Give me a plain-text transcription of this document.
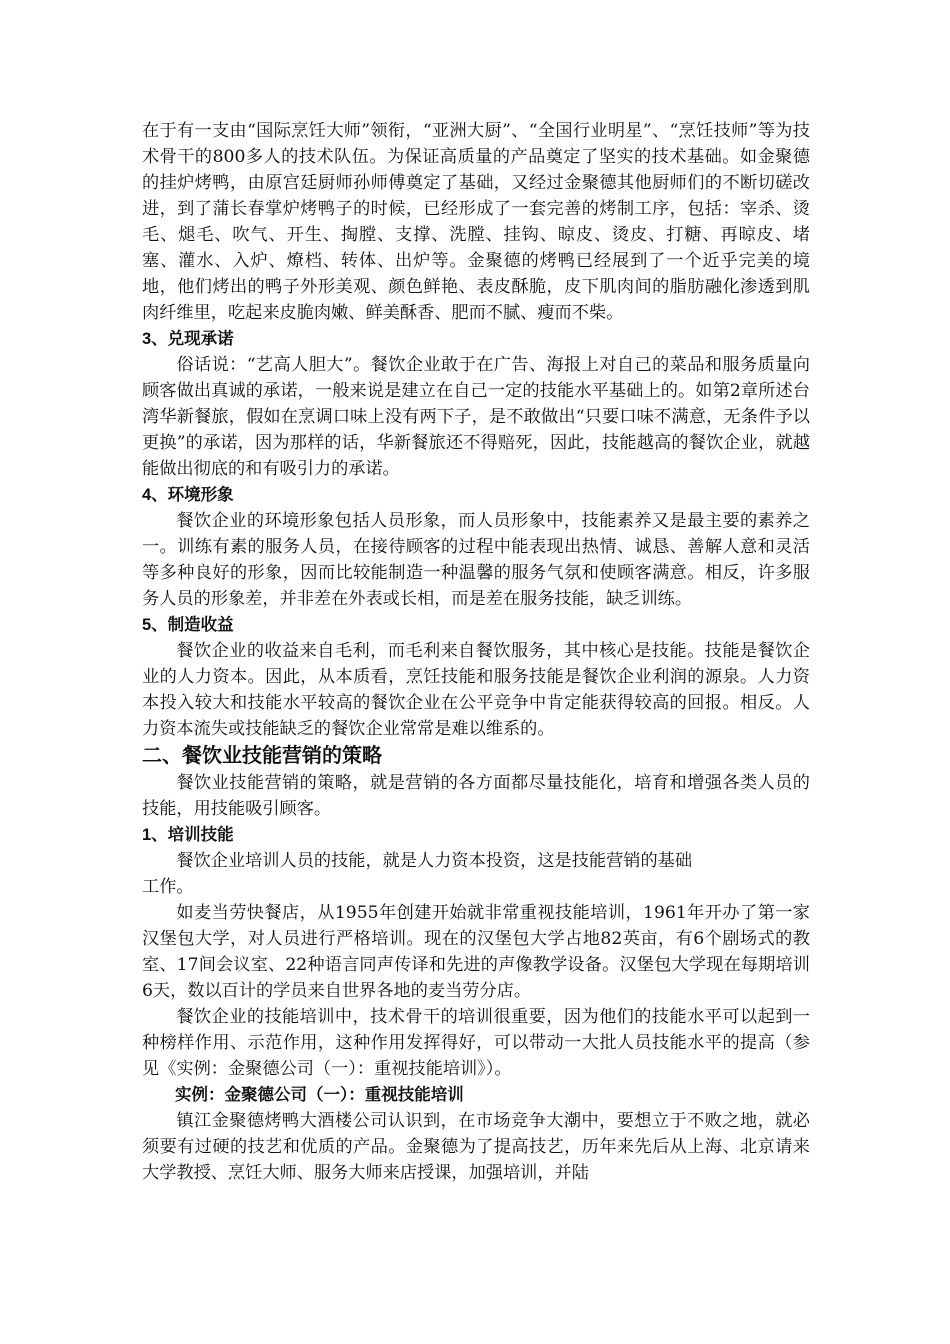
在于有一支由“国际烹饪大师”领衔，“亚洲大厨”、“全国行业明星”、“烹饪技师”等为技术骨干的800多人的技术队伍。为保证高质量的产品奠定了坚实的技术基础。如金聚德的挂炉烤鸭，由原宫廷厨师孙师傅奠定了基础，又经过金聚德其他厨师们的不断切磋改进，到了蒲长春掌炉烤鸭子的时候，已经形成了一套完善的烤制工序，包括：宰杀、烫毛、煺毛、吹气、开生、掏膛、支撑、洗膛、挂钩、晾皮、烫皮、打糖、再晾皮、堵塞、灌水、入炉、燎档、转体、出炉等。金聚德的烤鸭已经展到了一个近乎完美的境地，他们烤出的鸭子外形美观、颜色鲜艳、表皮酥脆，皮下肌肉间的脂肪融化渗透到肌肉纤维里，吃起来皮脆肉嫩、鲜美酥香、肥而不腻、瘦而不柴。

3、兑现承诺

俗话说：“艺高人胆大”。餐饮企业敢于在广告、海报上对自己的菜品和服务质量向顾客做出真诚的承诺，一般来说是建立在自己一定的技能水平基础上的。如第2章所述台湾华新餐旅，假如在烹调口味上没有两下子，是不敢做出“只要口味不满意，无条件予以更换”的承诺，因为那样的话，华新餐旅还不得赔死，因此，技能越高的餐饮企业，就越能做出彻底的和有吸引力的承诺。

4、环境形象

餐饮企业的环境形象包括人员形象，而人员形象中，技能素养又是最主要的素养之一。训练有素的服务人员，在接待顾客的过程中能表现出热情、诚恳、善解人意和灵活等多种良好的形象，因而比较能制造一种温馨的服务气氛和使顾客满意。相反，许多服务人员的形象差，并非差在外表或长相，而是差在服务技能，缺乏训练。

5、制造收益

餐饮企业的收益来自毛利，而毛利来自餐饮服务，其中核心是技能。技能是餐饮企业的人力资本。因此，从本质看，烹饪技能和服务技能是餐饮企业利润的源泉。人力资本投入较大和技能水平较高的餐饮企业在公平竞争中肯定能获得较高的回报。相反。人力资本流失或技能缺乏的餐饮企业常常是难以维系的。

二、餐饮业技能营销的策略

餐饮业技能营销的策略，就是营销的各方面都尽量技能化，培育和增强各类人员的技能，用技能吸引顾客。

1、培训技能

餐饮企业培训人员的技能，就是人力资本投资，这是技能营销的基础

工作。

如麦当劳快餐店，从1955年创建开始就非常重视技能培训，1961年开办了第一家汉堡包大学，对人员进行严格培训。现在的汉堡包大学占地82英亩，有6个剧场式的教室、17间会议室、22种语言同声传译和先进的声像教学设备。汉堡包大学现在每期培训6天，数以百计的学员来自世界各地的麦当劳分店。

餐饮企业的技能培训中，技术骨干的培训很重要，因为他们的技能水平可以起到一种榜样作用、示范作用，这种作用发挥得好，可以带动一大批人员技能水平的提高（参见《实例：金聚德公司（一）：重视技能培训》）。

实例：金聚德公司（一）：重视技能培训

镇江金聚德烤鸭大酒楼公司认识到，在市场竞争大潮中，要想立于不败之地，就必须要有过硬的技艺和优质的产品。金聚德为了提高技艺，历年来先后从上海、北京请来大学教授、烹饪大师、服务大师来店授课，加强培训，并陆
